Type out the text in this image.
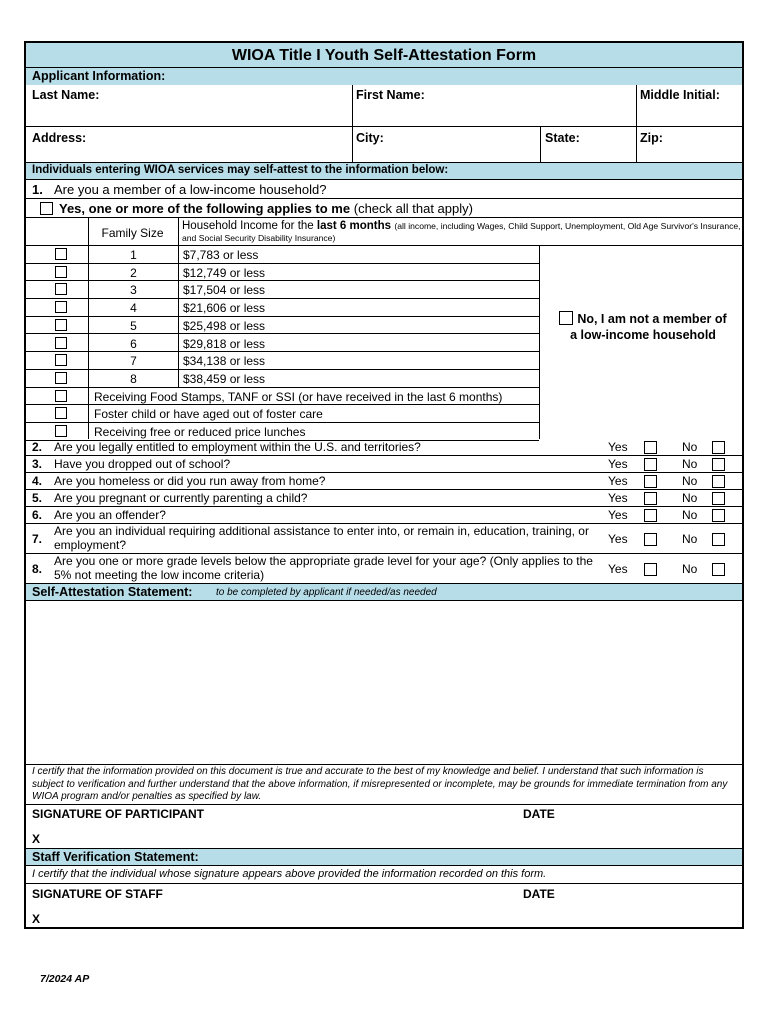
WIOA Title I Youth Self-Attestation Form
Applicant Information:
Last Name:	First Name:	Middle Initial:
Address:	City:	State:	Zip:
Individuals entering WIOA services may self-attest to the information below:
1. Are you a member of a low-income household?
Yes, one or more of the following applies to me (check all that apply)
Family Size	Household Income for the last 6 months (all income, including Wages, Child Support, Unemployment, Old Age Survivor's Insurance, and Social Security Disability Insurance)
1	$7,783 or less
2	$12,749 or less
3	$17,504 or less
4	$21,606 or less
5	$25,498 or less
6	$29,818 or less
7	$34,138 or less
8	$38,459 or less
Receiving Food Stamps, TANF or SSI (or have received in the last 6 months)
Foster child or have aged out of foster care
Receiving free or reduced price lunches
No, I am not a member of
a low-income household
2. Are you legally entitled to employment within the U.S. and territories?	Yes	No
3. Have you dropped out of school?	Yes	No
4. Are you homeless or did you run away from home?	Yes	No
5. Are you pregnant or currently parenting a child?	Yes	No
6. Are you an offender?	Yes	No
7.
Are you an individual requiring additional assistance to enter into, or remain in, education, training, or employment?	Yes	No
8.
Are you one or more grade levels below the appropriate grade level for your age? (Only applies to the 5% not meeting the low income criteria)	Yes	No
Self-Attestation Statement: to be completed by applicant if needed/as needed
I certify that the information provided on this document is true and accurate to the best of my knowledge and belief. I understand that such information is subject to verification and further understand that the above information, if misrepresented or incomplete, may be grounds for immediate termination from any WIOA program and/or penalties as specified by law.
SIGNATURE OF PARTICIPANT	DATE
X
Staff Verification Statement:
I certify that the individual whose signature appears above provided the information recorded on this form.
SIGNATURE OF STAFF	DATE
X
7/2024 AP
